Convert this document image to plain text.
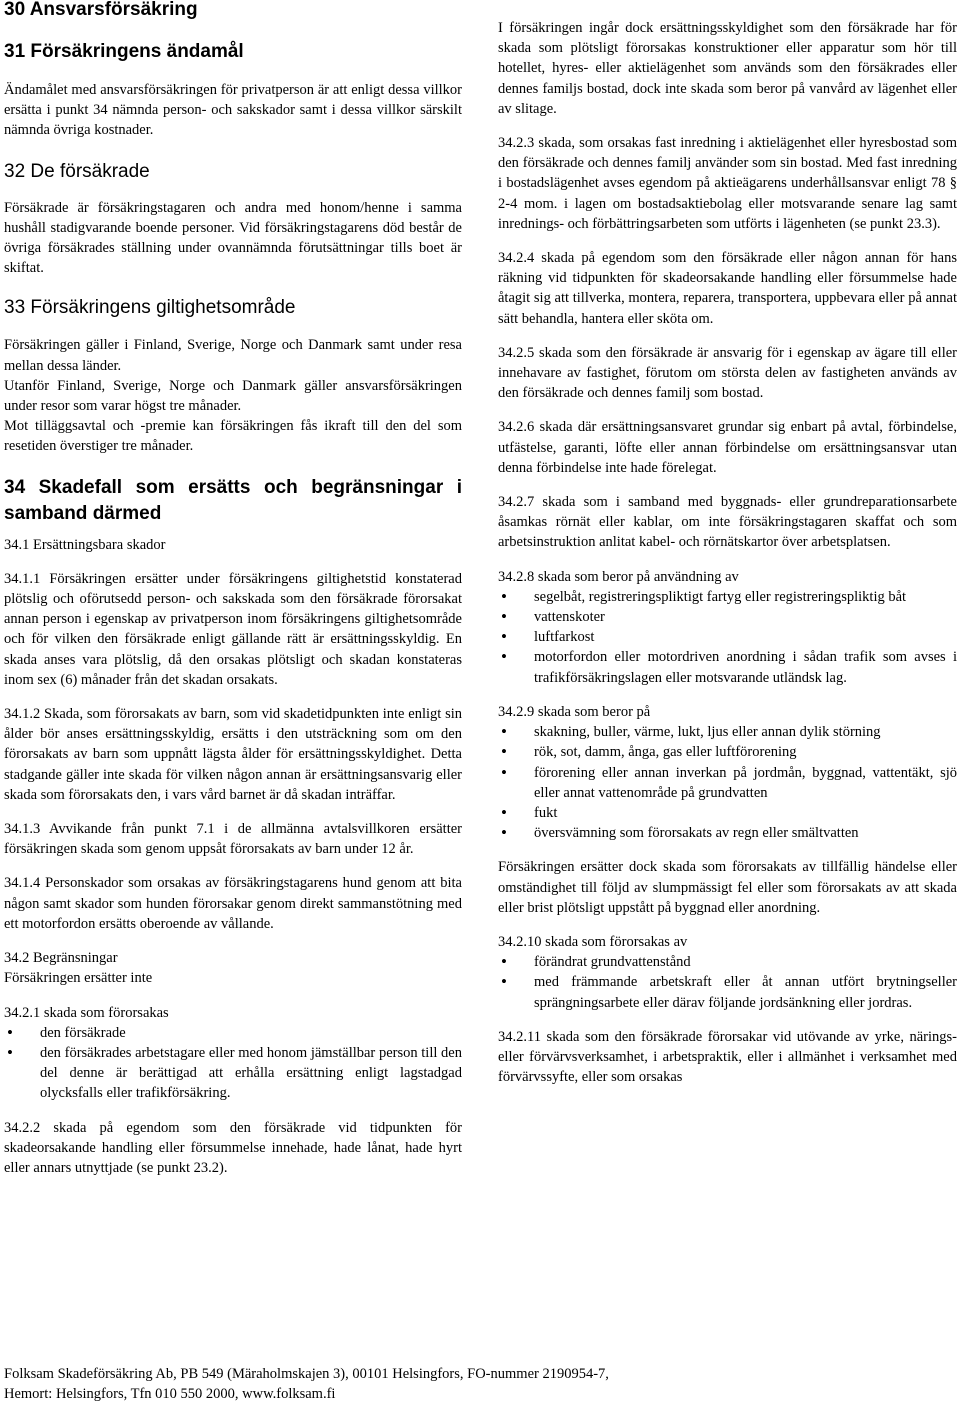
30 Ansvarsförsäkring
31 Försäkringens ändamål

Ändamålet med ansvarsförsäkringen för privatperson är att enligt dessa villkor ersätta i punkt 34 nämnda person- och sakskador samt i dessa villkor särskilt nämnda övriga kostnader.

32 De försäkrade

Försäkrade är försäkringstagaren och andra med honom/henne i samma hushåll stadigvarande boende personer. Vid försäkringstagarens död består de övriga försäkrades ställning under ovannämnda förutsättningar tills boet är skiftat.

33 Försäkringens giltighetsområde

Försäkringen gäller i Finland, Sverige, Norge och Danmark samt under resa mellan dessa länder.

Utanför Finland, Sverige, Norge och Danmark gäller ansvarsförsäkringen under resor som varar högst tre månader.

Mot tilläggsavtal och -premie kan försäkringen fås ikraft till den del som resetiden överstiger tre månader.

34 Skadefall som ersätts och begränsningar i samband därmed

34.1 Ersättningsbara skador

34.1.1 Försäkringen ersätter under försäkringens giltighetstid konstaterad plötslig och oförutsedd person- och sakskada som den försäkrade förorsakat annan person i egenskap av privatperson inom försäkringens giltighetsområde och för vilken den försäkrade enligt gällande rätt är ersättningsskyldig. En skada anses vara plötslig, då den orsakas plötsligt och skadan konstateras inom sex (6) månader från det skadan orsakats.

34.1.2 Skada, som förorsakats av barn, som vid skadetidpunkten inte enligt sin ålder bör anses ersättningsskyldig, ersätts i den utsträckning som om den förorsakats av barn som uppnått lägsta ålder för ersättningsskyldighet. Detta stadgande gäller inte skada för vilken någon annan är ersättningsansvarig eller skada som förorsakats den, i vars vård barnet är då skadan inträffar.

34.1.3 Avvikande från punkt 7.1 i de allmänna avtalsvillkoren ersätter försäkringen skada som genom uppsåt förorsakats av barn under 12 år.

34.1.4 Personskador som orsakas av försäkringstagarens hund genom att bita någon samt skador som hunden förorsakar genom direkt sammanstötning med ett motorfordon ersätts oberoende av vållande.

34.2 Begränsningar

Försäkringen ersätter inte

34.2.1 skada som förorsakas

• den försäkrade
• den försäkrades arbetstagare eller med honom jämställbar person till den del denne är berättigad att erhålla ersättning enligt lagstadgad olycksfalls eller trafikförsäkring.

34.2.2 skada på egendom som den försäkrade vid tidpunkten för skadeorsakande handling eller försummelse innehade, hade lånat, hade hyrt eller annars utnyttjade (se punkt 23.2).

I försäkringen ingår dock ersättningsskyldighet som den försäkrade har för skada som plötsligt förorsakas konstruktioner eller apparatur som hör till hotellet, hyres- eller aktielägenhet som används som den försäkrades eller dennes familjs bostad, dock inte skada som beror på vanvård av lägenhet eller av slitage.

34.2.3 skada, som orsakas fast inredning i aktielägenhet eller hyresbostad som den försäkrade och dennes familj använder som sin bostad. Med fast inredning i bostadslägenhet avses egendom på aktieägarens underhållsansvar enligt 78 § 2-4 mom. i lagen om bostadsaktiebolag eller motsvarande senare lag samt inrednings- och förbättringsarbeten som utförts i lägenheten (se punkt 23.3).

34.2.4 skada på egendom som den försäkrade eller någon annan för hans räkning vid tidpunkten för skadeorsakande handling eller försummelse hade åtagit sig att tillverka, montera, reparera, transportera, uppbevara eller på annat sätt behandla, hantera eller sköta om.

34.2.5 skada som den försäkrade är ansvarig för i egenskap av ägare till eller innehavare av fastighet, förutom om största delen av fastigheten används av den försäkrade och dennes familj som bostad.

34.2.6 skada där ersättningsansvaret grundar sig enbart på avtal, förbindelse, utfästelse, garanti, löfte eller annan förbindelse om ersättningsansvar utan denna förbindelse inte hade förelegat.

34.2.7 skada som i samband med byggnads- eller grundreparationsarbete åsamkas rörnät eller kablar, om inte försäkringstagaren skaffat och som arbetsinstruktion anlitat kabel- och rörnätskartor över arbetsplatsen.

34.2.8 skada som beror på användning av

• segelbåt, registreringspliktigt fartyg eller registreringspliktig båt
• vattenskoter
• luftfarkost
• motorfordon eller motordriven anordning i sådan trafik som avses i trafikförsäkringslagen eller motsvarande utländsk lag.

34.2.9 skada som beror på

• skakning, buller, värme, lukt, ljus eller annan dylik störning
• rök, sot, damm, ånga, gas eller luftförorening
• förorening eller annan inverkan på jordmån, byggnad, vattentäkt, sjö eller annat vattenområde på grundvatten
• fukt
• översvämning som förorsakats av regn eller smältvatten

Försäkringen ersätter dock skada som förorsakats av tillfällig händelse eller omständighet till följd av slumpmässigt fel eller som förorsakats av att skada eller brist plötsligt uppstått på byggnad eller anordning.

34.2.10 skada som förorsakas av

• förändrat grundvattenstånd
• med främmande arbetskraft eller åt annan utfört brytningseller sprängningsarbete eller därav följande jordsänkning eller jordras.

34.2.11 skada som den försäkrade förorsakar vid utövande av yrke, närings- eller förvärvsverksamhet, i arbetspraktik, eller i allmänhet i verksamhet med förvärvssyfte, eller som orsakas

Folksam Skadeförsäkring Ab, PB 549 (Märaholmskajen 3), 00101 Helsingfors, FO-nummer 2190954-7,
Hemort: Helsingfors, Tfn 010 550 2000, www.folksam.fi
